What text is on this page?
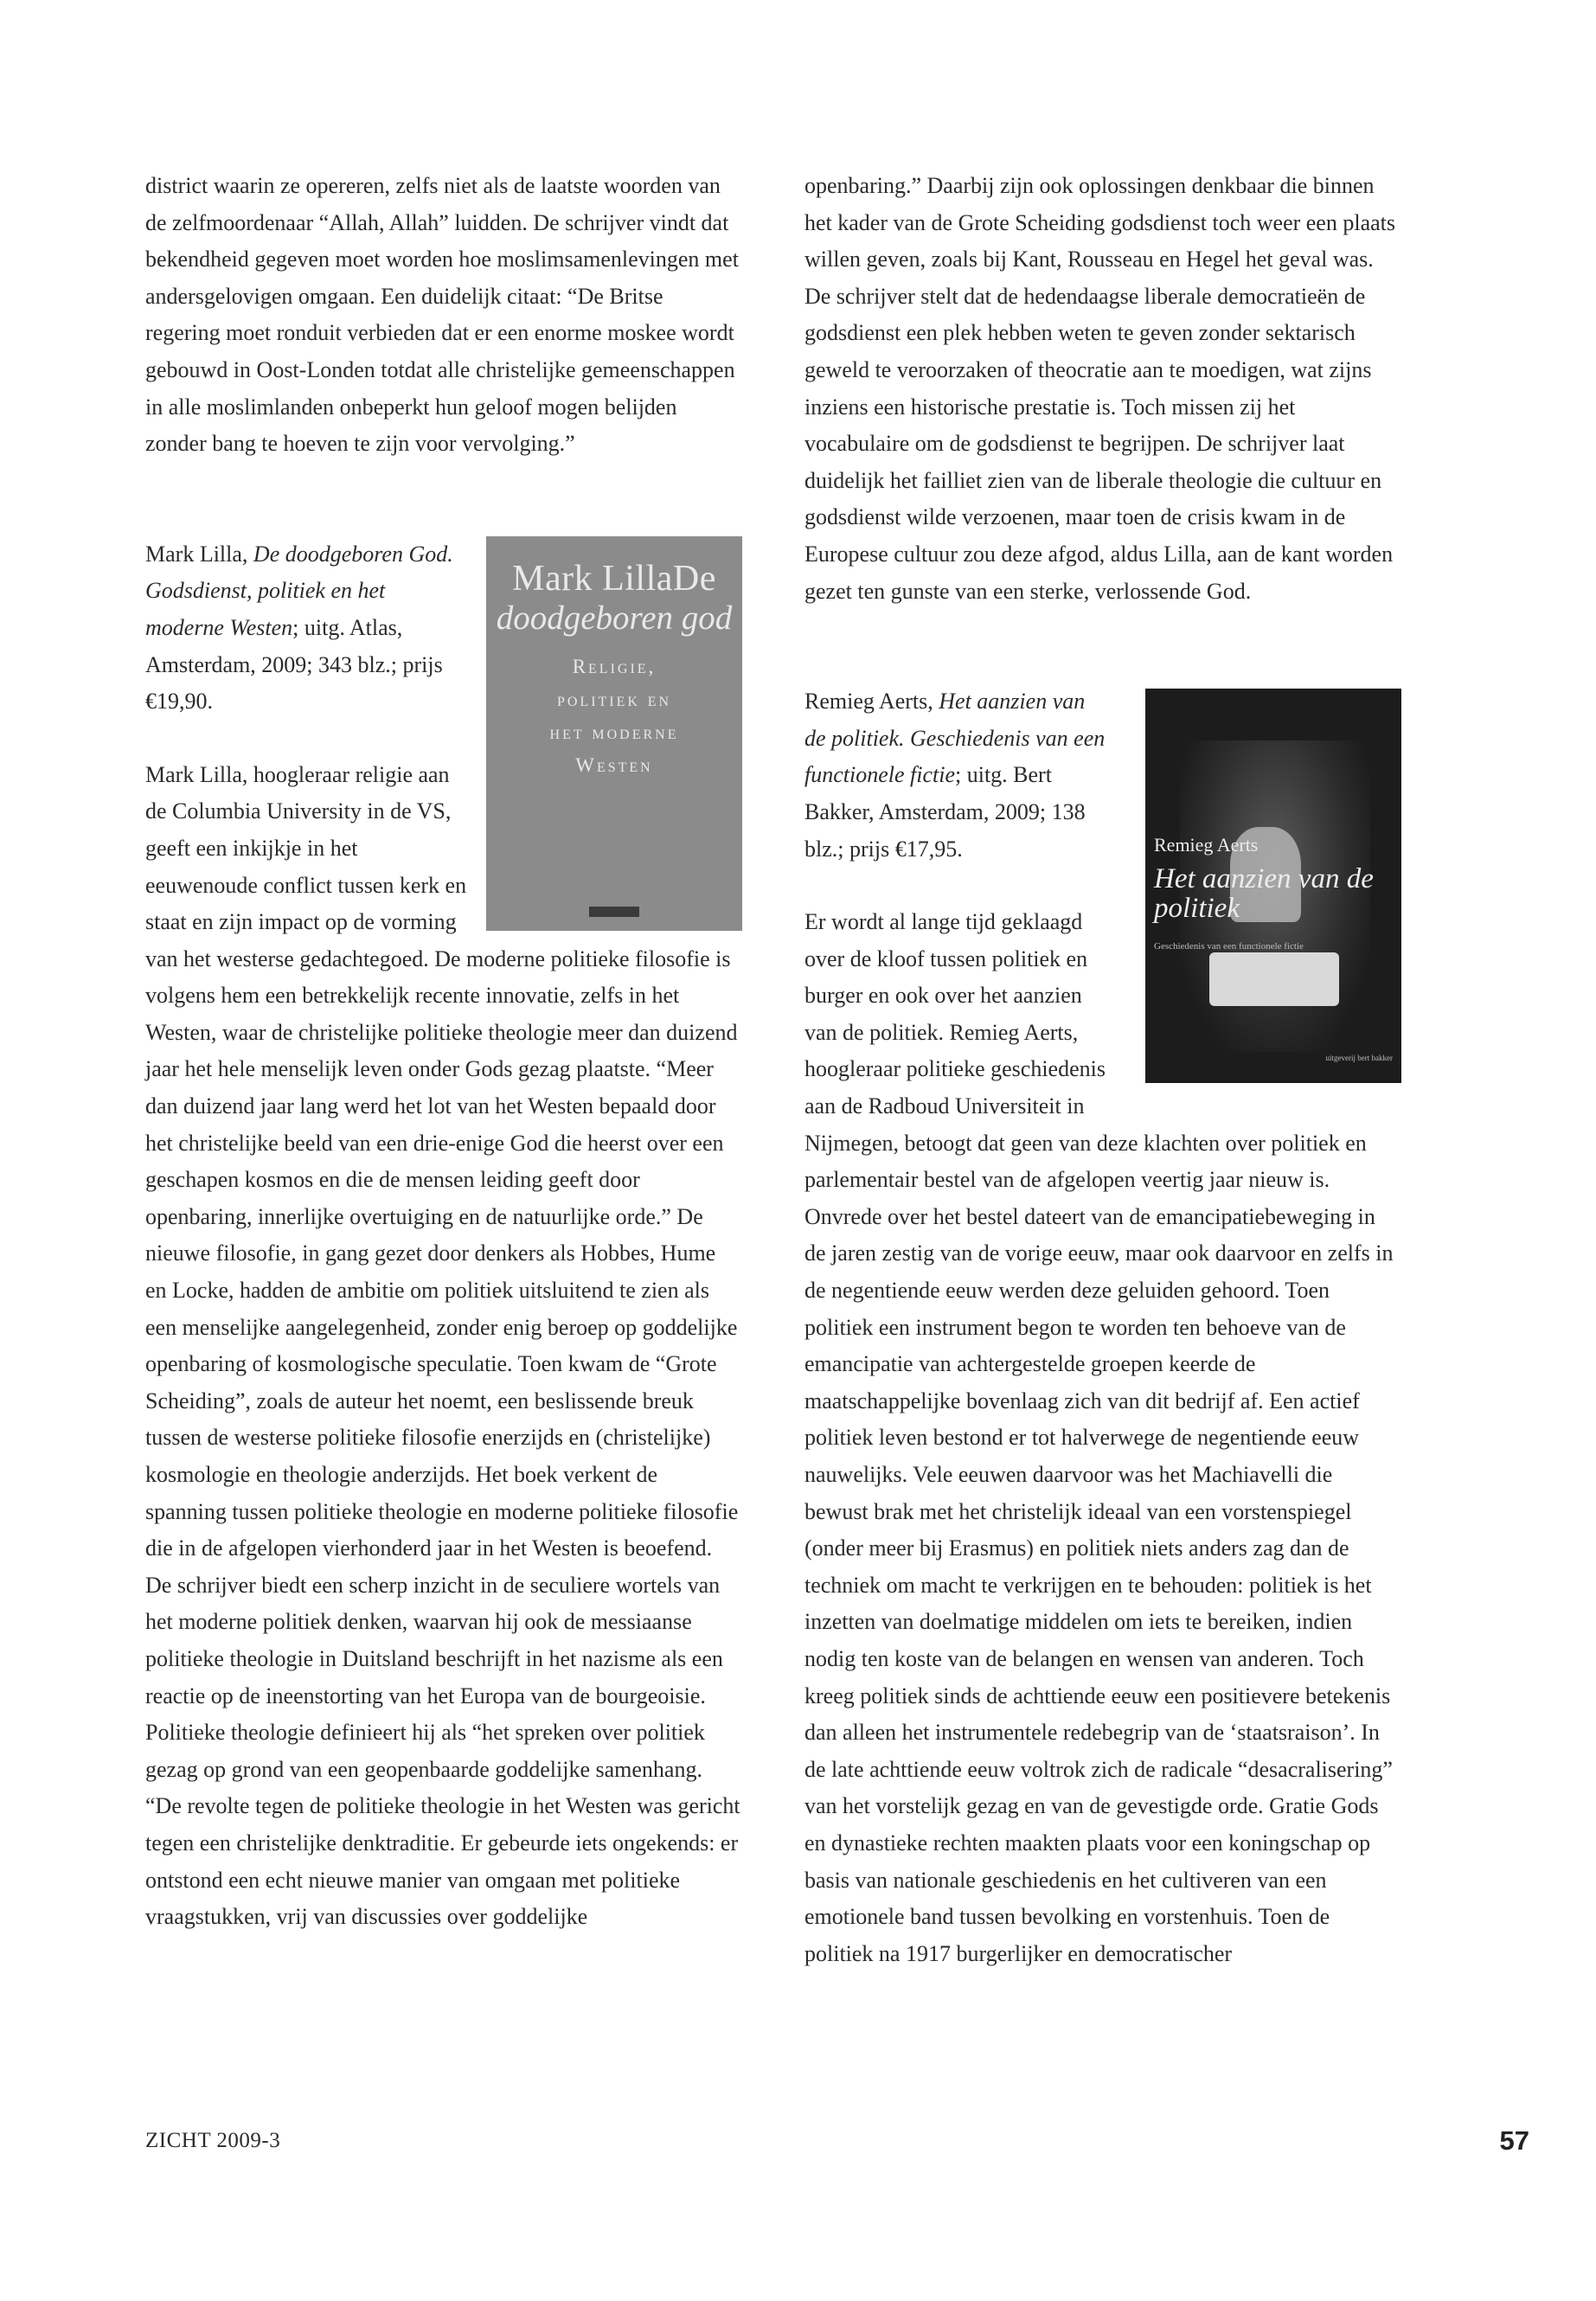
district waarin ze opereren, zelfs niet als de laatste woorden van de zelfmoordenaar “Allah, Allah” luidden. De schrijver vindt dat bekendheid gegeven moet worden hoe moslimsamenlevingen met andersgelovigen omgaan. Een duidelijk citaat: “De Britse regering moet ronduit verbieden dat er een enorme moskee wordt gebouwd in Oost-Londen totdat alle christelijke gemeenschappen in alle moslimlanden onbeperkt hun geloof mogen belijden zonder bang te hoeven te zijn voor vervolging.”

Mark LillaDe
doodgeboren god
Religie,
politiek en
het moderne
Westen

Mark Lilla, De doodgeboren God. Godsdienst, politiek en het moderne Westen; uitg. Atlas, Amsterdam, 2009; 343 blz.; prijs €19,90.

Mark Lilla, hoogleraar religie aan de Columbia University in de VS, geeft een inkijkje in het eeuwenoude conflict tussen kerk en staat en zijn impact op de vorming van het westerse gedachtegoed. De moderne politieke filosofie is volgens hem een betrekkelijk recente innovatie, zelfs in het Westen, waar de christelijke politieke theologie meer dan duizend jaar het hele menselijk leven onder Gods gezag plaatste. “Meer dan duizend jaar lang werd het lot van het Westen bepaald door het christelijke beeld van een drie-enige God die heerst over een geschapen kosmos en die de mensen leiding geeft door openbaring, innerlijke overtuiging en de natuurlijke orde.” De nieuwe filosofie, in gang gezet door denkers als Hobbes, Hume en Locke, hadden de ambitie om politiek uitsluitend te zien als een menselijke aangelegenheid, zonder enig beroep op goddelijke openbaring of kosmologische speculatie. Toen kwam de “Grote Scheiding”, zoals de auteur het noemt, een beslissende breuk tussen de westerse politieke filosofie enerzijds en (christelijke) kosmologie en theologie anderzijds. Het boek verkent de spanning tussen politieke theologie en moderne politieke filosofie die in de afgelopen vierhonderd jaar in het Westen is beoefend. De schrijver biedt een scherp inzicht in de seculiere wortels van het moderne politiek denken, waarvan hij ook de messiaanse politieke theologie in Duitsland beschrijft in het nazisme als een reactie op de ineenstorting van het Europa van de bourgeoisie. Politieke theologie definieert hij als “het spreken over politiek gezag op grond van een geopenbaarde goddelijke samenhang. “De revolte tegen de politieke theologie in het Westen was gericht tegen een christelijke denktraditie. Er gebeurde iets ongekends: er ontstond een echt nieuwe manier van omgaan met politieke vraagstukken, vrij van discussies over goddelijke

openbaring.” Daarbij zijn ook oplossingen denkbaar die binnen het kader van de Grote Scheiding godsdienst toch weer een plaats willen geven, zoals bij Kant, Rousseau en Hegel het geval was. De schrijver stelt dat de hedendaagse liberale democratieën de godsdienst een plek hebben weten te geven zonder sektarisch geweld te veroorzaken of theocratie aan te moedigen, wat zijns inziens een historische prestatie is. Toch missen zij het vocabulaire om de godsdienst te begrijpen. De schrijver laat duidelijk het failliet zien van de liberale theologie die cultuur en godsdienst wilde verzoenen, maar toen de crisis kwam in de Europese cultuur zou deze afgod, aldus Lilla, aan de kant worden gezet ten gunste van een sterke, verlossende God.

Remieg Aerts
Het aanzien van de politiek
Geschiedenis van een functionele fictie
uitgeverij bert bakker

Remieg Aerts, Het aanzien van de politiek. Geschiedenis van een functionele fictie; uitg. Bert Bakker, Amsterdam, 2009; 138 blz.; prijs €17,95.

Er wordt al lange tijd geklaagd over de kloof tussen politiek en burger en ook over het aanzien van de politiek. Remieg Aerts, hoogleraar politieke geschiedenis aan de Radboud Universiteit in Nijmegen, betoogt dat geen van deze klachten over politiek en parlementair bestel van de afgelopen veertig jaar nieuw is. Onvrede over het bestel dateert van de emancipatiebeweging in de jaren zestig van de vorige eeuw, maar ook daarvoor en zelfs in de negentiende eeuw werden deze geluiden gehoord. Toen politiek een instrument begon te worden ten behoeve van de emancipatie van achtergestelde groepen keerde de maatschappelijke bovenlaag zich van dit bedrijf af. Een actief politiek leven bestond er tot halverwege de negentiende eeuw nauwelijks. Vele eeuwen daarvoor was het Machiavelli die bewust brak met het christelijk ideaal van een vorstenspiegel (onder meer bij Erasmus) en politiek niets anders zag dan de techniek om macht te verkrijgen en te behouden: politiek is het inzetten van doelmatige middelen om iets te bereiken, indien nodig ten koste van de belangen en wensen van anderen. Toch kreeg politiek sinds de achttiende eeuw een positievere betekenis dan alleen het instrumentele redebegrip van de ‘staatsraison’. In de late achttiende eeuw voltrok zich de radicale “desacralisering” van het vorstelijk gezag en van de gevestigde orde. Gratie Gods en dynastieke rechten maakten plaats voor een koningschap op basis van nationale geschiedenis en het cultiveren van een emotionele band tussen bevolking en vorstenhuis. Toen de politiek na 1917 burgerlijker en democratischer

ZICHT 2009-3	57
